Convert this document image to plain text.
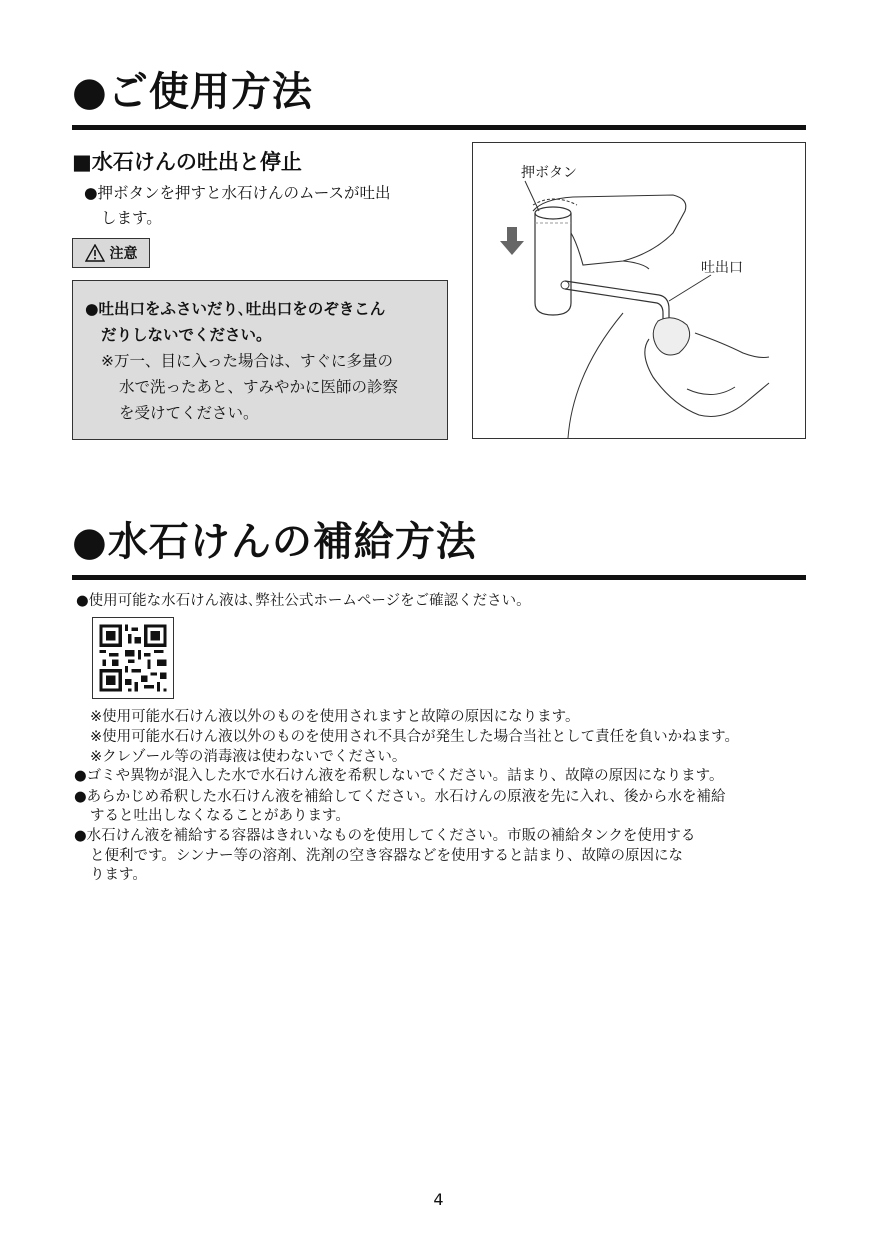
●ご使用方法
■水石けんの吐出と停止
●押ボタンを押すと水石けんのムースが吐出
します。
注意
●吐出口をふさいだり､吐出口をのぞきこん
だりしないでください。
※万一、目に入った場合は、すぐに多量の
水で洗ったあと、すみやかに医師の診察
を受けてください。
押ボタン
吐出口
●水石けんの補給方法
●使用可能な水石けん液は､弊社公式ホームページをご確認ください。
※使用可能水石けん液以外のものを使用されますと故障の原因になります。
※使用可能水石けん液以外のものを使用され不具合が発生した場合当社として責任を負いかねます。
※クレゾール等の消毒液は使わないでください。
●ゴミや異物が混入した水で水石けん液を希釈しないでください。詰まり、故障の原因になります。
●あらかじめ希釈した水石けん液を補給してください。水石けんの原液を先に入れ、後から水を補給
すると吐出しなくなることがあります。
●水石けん液を補給する容器はきれいなものを使用してください。市販の補給タンクを使用する
と便利です。シンナー等の溶剤、洗剤の空き容器などを使用すると詰まり、故障の原因にな
ります。
4
